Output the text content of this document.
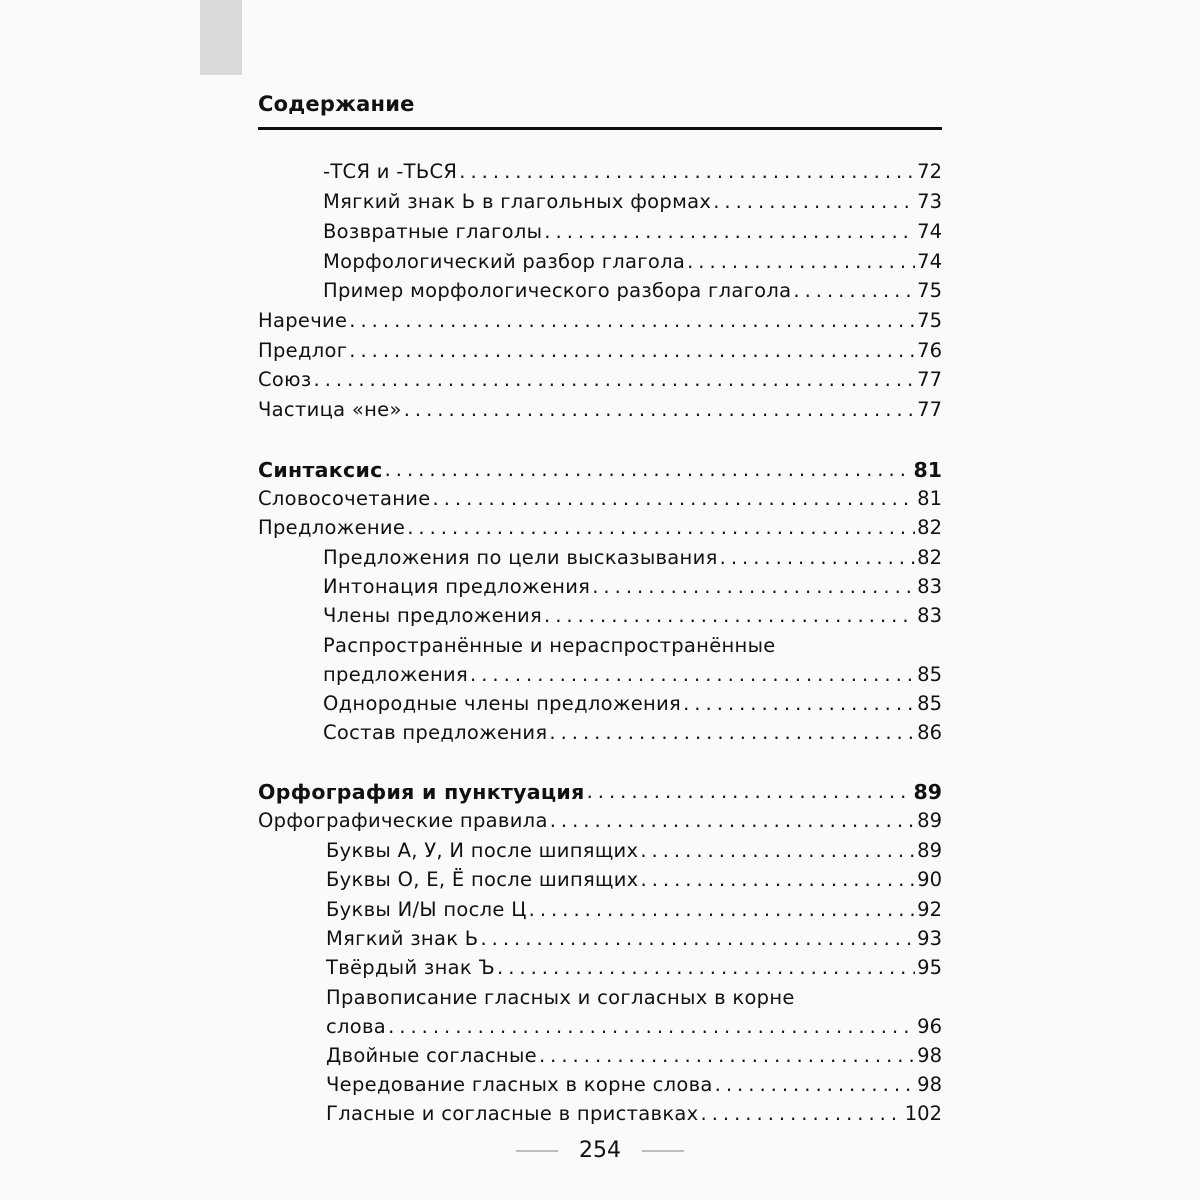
Содержание
-ТСЯ и -ТЬСЯ .....	72
Мягкий знак Ь в глагольных формах .....	73
Возвратные глаголы .....	74
Морфологический разбор глагола .....	74
Пример морфологического разбора глагола .....	75
Наречие .....	75
Предлог .....	76
Союз .....	77
Частица «не» .....	77
Синтаксис .....	81
Словосочетание .....	81
Предложение .....	82
Предложения по цели высказывания .....	82
Интонация предложения .....	83
Члены предложения .....	83
Распространённые и нераспространённые
предложения .....	85
Однородные члены предложения .....	85
Состав предложения .....	86
Орфография и пунктуация .....	89
Орфографические правила .....	89
Буквы А, У, И после шипящих .....	89
Буквы О, Е, Ё после шипящих .....	90
Буквы И/Ы после Ц .....	92
Мягкий знак Ь .....	93
Твёрдый знак Ъ .....	95
Правописание гласных и согласных в корне
слова .....	96
Двойные согласные .....	98
Чередование гласных в корне слова .....	98
Гласные и согласные в приставках .....	102
254
